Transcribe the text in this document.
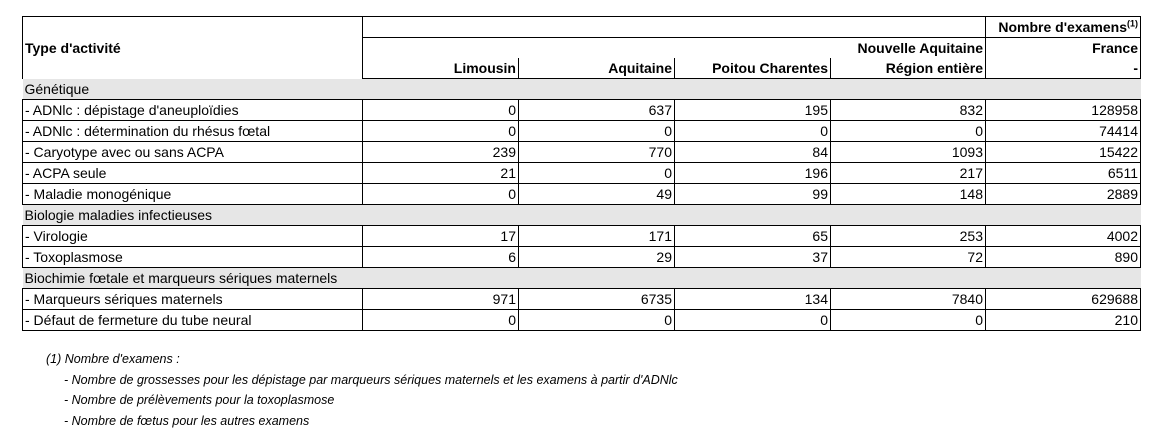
Type d'activité					Nombre d'examens$^{(1)}$
				Nouvelle Aquitaine	France
	Limousin	Aquitaine	Poitou Charentes	Région entière	-
Génétique					
- ADNlc : dépistage d'aneuploïdies	0	637	195	832	128958
- ADNlc : détermination du rhésus fœtal	0	0	0	0	74414
- Caryotype avec ou sans ACPA	239	770	84	1093	15422
- ACPA seule	21	0	196	217	6511
- Maladie monogénique	0	49	99	148	2889
Biologie maladies infectieuses					
- Virologie	17	171	65	253	4002
- Toxoplasmose	6	29	37	72	890
Biochimie fœtale et marqueurs sériques maternels					
- Marqueurs sériques maternels	971	6735	134	7840	629688
- Défaut de fermeture du tube neural	0	0	0	0	210
(1) Nombre d'examens :
- Nombre de grossesses pour les dépistage par marqueurs sériques maternels et les examens à partir d'ADNlc
- Nombre de prélèvements pour la toxoplasmose
- Nombre de fœtus pour les autres examens
